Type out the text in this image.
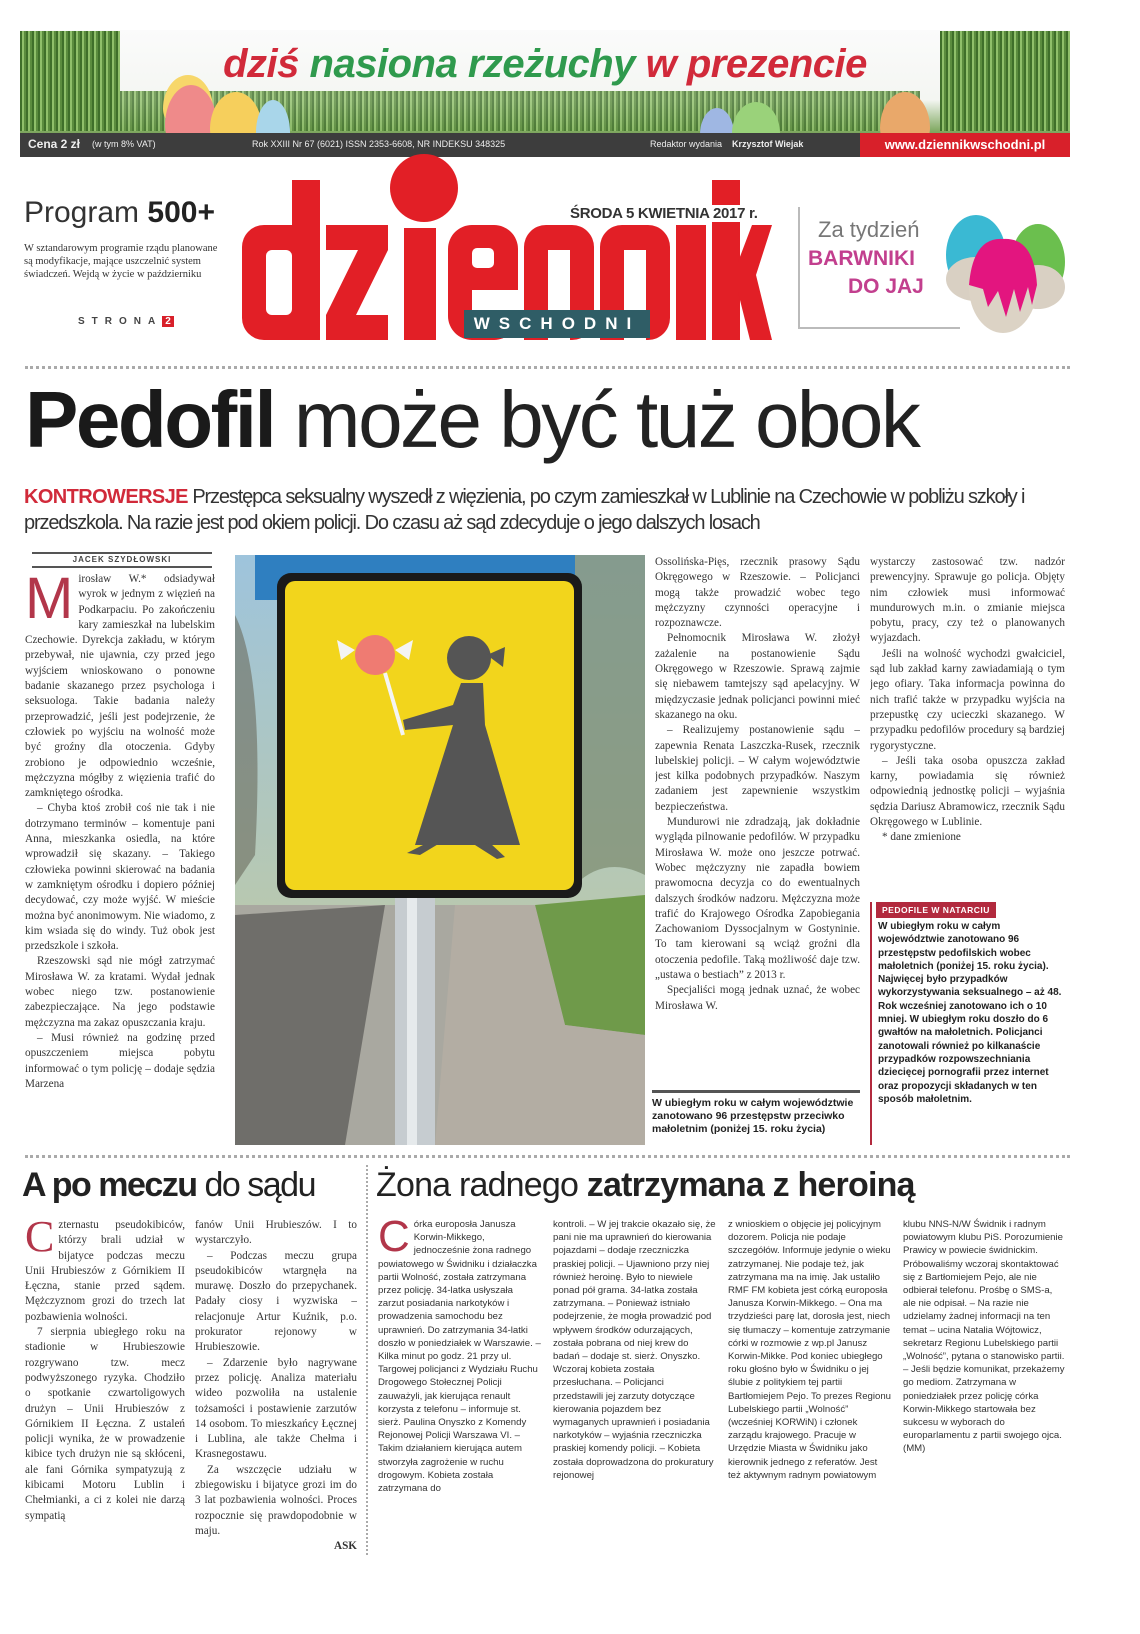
dziś nasiona rzeżuchy w prezencie
Cena 2 zł (w tym 8% VAT)	Rok XXIII Nr 67 (6021) ISSN 2353-6608, NR INDEKSU 348325	Redaktor wydania Krzysztof Wiejak	www.dziennikwschodni.pl
Program 500+
W sztandarowym programie rządu planowane są modyfikacje, mające uszczelnić system świadczeń. Wejdą w życie w październiku
STRONA 2	WSCHODNI
ŚRODA 5 KWIETNIA 2017 r.
Za tydzień
BARWNIKI
DO JAJ
Pedofil może być tuż obok
KONTROWERSJE Przestępca seksualny wyszedł z więzienia, po czym zamieszkał w Lublinie na Czechowie w pobliżu szkoły i przedszkola. Na razie jest pod okiem policji. Do czasu aż sąd zdecyduje o jego dalszych losach
JACEK SZYDŁOWSKI

Mirosław W.* odsiadywał wyrok w jednym z więzień na Podkarpaciu. Po zakończeniu kary zamieszkał na lubelskim Czechowie. Dyrekcja zakładu, w którym przebywał, nie ujawnia, czy przed jego wyjściem wnioskowano o ponowne badanie skazanego przez psychologa i seksuologa. Takie badania należy przeprowadzić, jeśli jest podejrzenie, że człowiek po wyjściu na wolność może być groźny dla otoczenia. Gdyby zrobiono je odpowiednio wcześnie, mężczyzna mógłby z więzienia trafić do zamkniętego ośrodka.

– Chyba ktoś zrobił coś nie tak i nie dotrzymano terminów – komentuje pani Anna, mieszkanka osiedla, na które wprowadził się skazany. – Takiego człowieka powinni skierować na badania w zamkniętym ośrodku i dopiero później decydować, czy może wyjść. W mieście można być anonimowym. Nie wiadomo, z kim wsiada się do windy. Tuż obok jest przedszkole i szkoła.

Rzeszowski sąd nie mógł zatrzymać Mirosława W. za kratami. Wydał jednak wobec niego tzw. postanowienie zabezpieczające. Na jego podstawie mężczyzna ma zakaz opuszczania kraju.

– Musi również na godzinę przed opuszczeniem miejsca pobytu informować o tym policję – dodaje sędzia Marzena

Ossolińska-Pięs, rzecznik prasowy Sądu Okręgowego w Rzeszowie. – Policjanci mogą także prowadzić wobec tego mężczyzny czynności operacyjne i rozpoznawcze.

Pełnomocnik Mirosława W. złożył zażalenie na postanowienie Sądu Okręgowego w Rzeszowie. Sprawą zajmie się niebawem tamtejszy sąd apelacyjny. W międzyczasie jednak policjanci powinni mieć skazanego na oku.

– Realizujemy postanowienie sądu – zapewnia Renata Laszczka-Rusek, rzecznik lubelskiej policji. – W całym województwie jest kilka podobnych przypadków. Naszym zadaniem jest zapewnienie wszystkim bezpieczeństwa.

Mundurowi nie zdradzają, jak dokładnie wygląda pilnowanie pedofilów. W przypadku Mirosława W. może ono jeszcze potrwać. Wobec mężczyzny nie zapadła bowiem prawomocna decyzja co do ewentualnych dalszych środków nadzoru. Mężczyzna może trafić do Krajowego Ośrodka Zapobiegania Zachowaniom Dyssocjalnym w Gostyninie. To tam kierowani są wciąż groźni dla otoczenia pedofile. Taką możliwość daje tzw. „ustawa o bestiach” z 2013 r.

Specjaliści mogą jednak uznać, że wobec Mirosława W.

W ubiegłym roku w całym województwie zanotowano 96 przestępstw przeciwko małoletnim (poniżej 15. roku życia)

wystarczy zastosować tzw. nadzór prewencyjny. Sprawuje go policja. Objęty nim człowiek musi informować mundurowych m.in. o zmianie miejsca pobytu, pracy, czy też o planowanych wyjazdach.

Jeśli na wolność wychodzi gwałciciel, sąd lub zakład karny zawiadamiają o tym jego ofiary. Taka informacja powinna do nich trafić także w przypadku wyjścia na przepustkę czy ucieczki skazanego. W przypadku pedofilów procedury są bardziej rygorystyczne.

– Jeśli taka osoba opuszcza zakład karny, powiadamia się również odpowiednią jednostkę policji – wyjaśnia sędzia Dariusz Abramowicz, rzecznik Sądu Okręgowego w Lublinie.

* dane zmienione

PEDOFILE W NATARCIU
W ubiegłym roku w całym województwie zanotowano 96 przestępstw pedofilskich wobec małoletnich (poniżej 15. roku życia). Najwięcej było przypadków wykorzystywania seksualnego – aż 48. Rok wcześniej zanotowano ich o 10 mniej. W ubiegłym roku doszło do 6 gwałtów na małoletnich. Policjanci zanotowali również po kilkanaście przypadków rozpowszechniania dziecięcej pornografii przez internet oraz propozycji składanych w ten sposób małoletnim.
A po meczu do sądu

Czternastu pseudokibiców, którzy brali udział w bijatyce podczas meczu Unii Hrubieszów z Górnikiem II Łęczna, stanie przed sądem. Mężczyznom grozi do trzech lat pozbawienia wolności.

7 sierpnia ubiegłego roku na stadionie w Hrubieszowie rozgrywano tzw. mecz podwyższonego ryzyka. Chodziło o spotkanie czwartoligowych drużyn – Unii Hrubieszów z Górnikiem II Łęczna. Z ustaleń policji wynika, że w prowadzenie kibice tych drużyn nie są skłóceni, ale fani Górnika sympatyzują z kibicami Motoru Lublin i Chełmianki, a ci z kolei nie darzą sympatią

fanów Unii Hrubieszów. I to wystarczyło.

– Podczas meczu grupa pseudokibiców wtargnęła na murawę. Doszło do przepychanek. Padały ciosy i wyzwiska – relacjonuje Artur Kuźnik, p.o. prokurator rejonowy w Hrubieszowie.

– Zdarzenie było nagrywane przez policję. Analiza materiału wideo pozwoliła na ustalenie tożsamości i postawienie zarzutów 14 osobom. To mieszkańcy Łęcznej i Lublina, ale także Chełma i Krasnegostawu.

Za wszczęcie udziału w zbiegowisku i bijatyce grozi im do 3 lat pozbawienia wolności. Proces rozpocznie się prawdopodobnie w maju.

ASK

Żona radnego zatrzymana z heroiną

Córka europosła Janusza Korwin-Mikkego, jednocześnie żona radnego powiatowego w Świdniku i działaczka partii Wolność, została zatrzymana przez policję. 34-latka usłyszała zarzut posiadania narkotyków i prowadzenia samochodu bez uprawnień. Do zatrzymania 34-latki doszło w poniedziałek w Warszawie. – Kilka minut po godz. 21 przy ul. Targowej policjanci z Wydziału Ruchu Drogowego Stołecznej Policji zauważyli, jak kierująca renault korzysta z telefonu – informuje st. sierż. Paulina Onyszko z Komendy Rejonowej Policji Warszawa VI. – Takim działaniem kierująca autem stworzyła zagrożenie w ruchu drogowym. Kobieta została zatrzymana do

kontroli. – W jej trakcie okazało się, że pani nie ma uprawnień do kierowania pojazdami – dodaje rzeczniczka praskiej policji. – Ujawniono przy niej również heroinę. Było to niewiele ponad pół grama. 34-latka została zatrzymana. – Ponieważ istniało podejrzenie, że mogła prowadzić pod wpływem środków odurzających, została pobrana od niej krew do badań – dodaje st. sierż. Onyszko. Wczoraj kobieta została przesłuchana. – Policjanci przedstawili jej zarzuty dotyczące kierowania pojazdem bez wymaganych uprawnień i posiadania narkotyków – wyjaśnia rzeczniczka praskiej komendy policji. – Kobieta została doprowadzona do prokuratury rejonowej

z wnioskiem o objęcie jej policyjnym dozorem. Policja nie podaje szczegółów. Informuje jedynie o wieku zatrzymanej. Nie podaje też, jak zatrzymana ma na imię. Jak ustaliło RMF FM kobieta jest córką europosła Janusza Korwin-Mikkego. – Ona ma trzydzieści parę lat, dorosła jest, niech się tłumaczy – komentuje zatrzymanie córki w rozmowie z wp.pl Janusz Korwin-Mikke. Pod koniec ubiegłego roku głośno było w Świdniku o jej ślubie z politykiem tej partii Bartłomiejem Pejo. To prezes Regionu Lubelskiego partii „Wolność” (wcześniej KORWiN) i członek zarządu krajowego. Pracuje w Urzędzie Miasta w Świdniku jako kierownik jednego z referatów. Jest też aktywnym radnym powiatowym

klubu NNS-N/W Świdnik i radnym powiatowym klubu PiS. Porozumienie Prawicy w powiecie świdnickim. Próbowaliśmy wczoraj skontaktować się z Bartłomiejem Pejo, ale nie odbierał telefonu. Prośbę o SMS-a, ale nie odpisał. – Na razie nie udzielamy żadnej informacji na ten temat – ucina Natalia Wójtowicz, sekretarz Regionu Lubelskiego partii „Wolność”, pytana o stanowisko partii. – Jeśli będzie komunikat, przekażemy go mediom. Zatrzymana w poniedziałek przez policję córka Korwin-Mikkego startowała bez sukcesu w wyborach do europarlamentu z partii swojego ojca. (MM)
